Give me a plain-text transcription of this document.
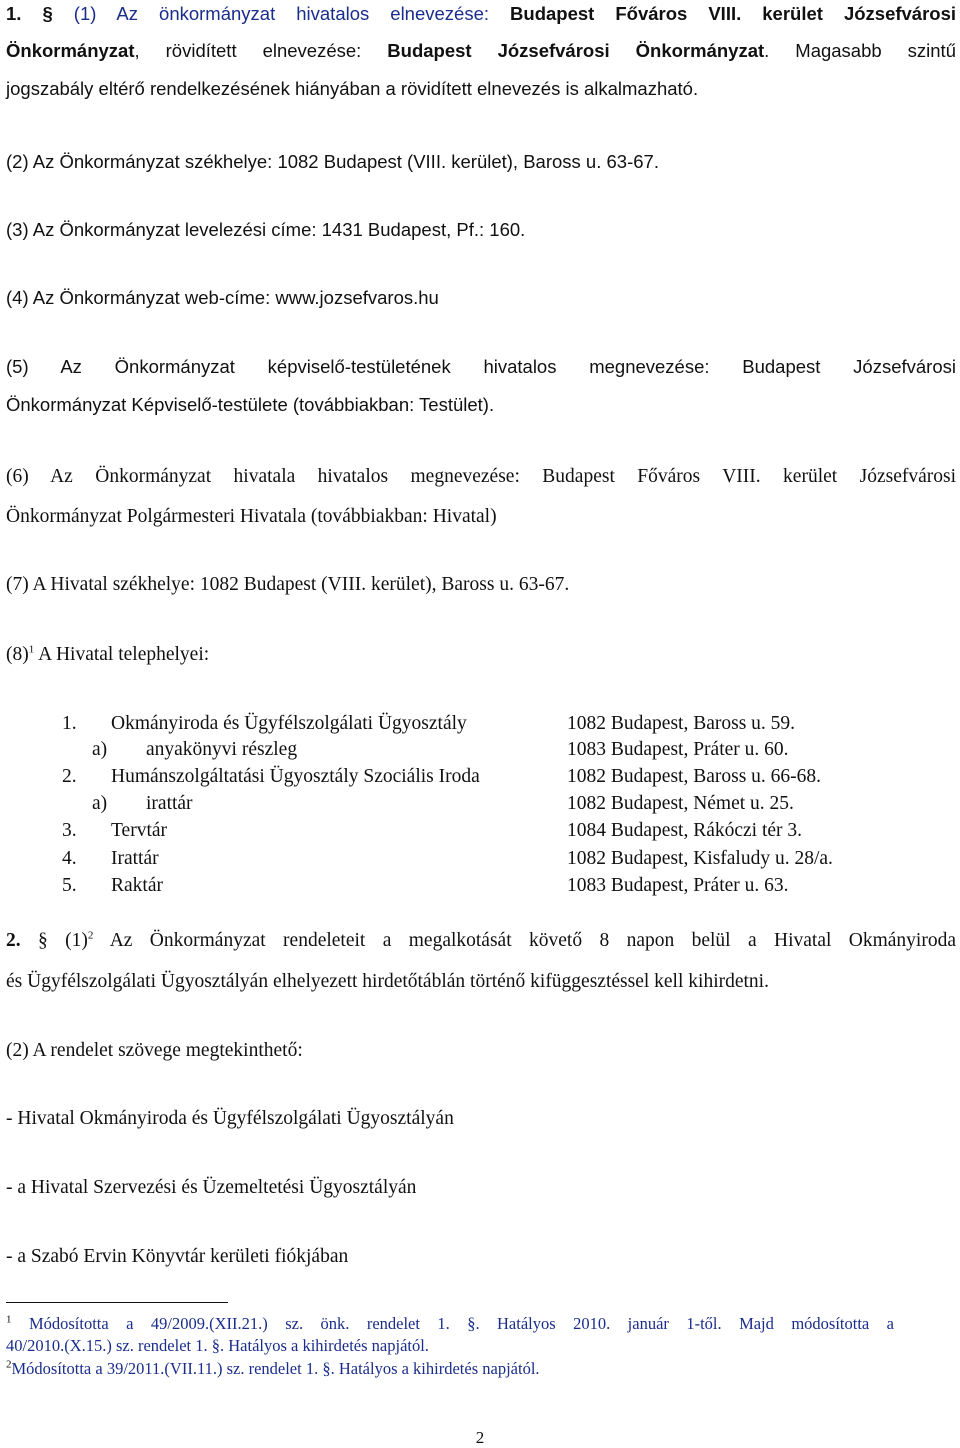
1. § (1) Az önkormányzat hivatalos elnevezése: Budapest Főváros VIII. kerület Józsefvárosi
Önkormányzat, rövidített elnevezése: Budapest Józsefvárosi Önkormányzat. Magasabb szintű
jogszabály eltérő rendelkezésének hiányában a rövidített elnevezés is alkalmazható.
(2) Az Önkormányzat székhelye: 1082 Budapest (VIII. kerület), Baross u. 63-67.
(3) Az Önkormányzat levelezési címe: 1431 Budapest, Pf.: 160.
(4) Az Önkormányzat web-címe: www.jozsefvaros.hu
(5) Az Önkormányzat képviselő-testületének hivatalos megnevezése: Budapest Józsefvárosi
Önkormányzat Képviselő-testülete (továbbiakban: Testület).
(6) Az Önkormányzat hivatala hivatalos megnevezése: Budapest Főváros VIII. kerület Józsefvárosi
Önkormányzat Polgármesteri Hivatala (továbbiakban: Hivatal)
(7) A Hivatal székhelye: 1082 Budapest (VIII. kerület), Baross u. 63-67.
$(8)^1$ A Hivatal telephelyei:
1. Okmányiroda és Ügyfélszolgálati Ügyosztály	1082 Budapest, Baross u. 59.
a) anyakönyvi részleg	1083 Budapest, Práter u. 60.
2. Humánszolgáltatási Ügyosztály Szociális Iroda	1082 Budapest, Baross u. 66-68.
a) irattár	1082 Budapest, Német u. 25.
3. Tervtár	1084 Budapest, Rákóczi tér 3.
4. Irattár	1082 Budapest, Kisfaludy u. 28/a.
5. Raktár	1083 Budapest, Práter u. 63.
2. § $(1)^2$ Az Önkormányzat rendeleteit a megalkotását követő 8 napon belül a Hivatal Okmányiroda
és Ügyfélszolgálati Ügyosztályán elhelyezett hirdetőtáblán történő kifüggesztéssel kell kihirdetni.
(2) A rendelet szövege megtekinthető:
- Hivatal Okmányiroda és Ügyfélszolgálati Ügyosztályán
- a Hivatal Szervezési és Üzemeltetési Ügyosztályán
- a Szabó Ervin Könyvtár kerületi fiókjában
$^1$ Módosította a 49/2009.(XII.21.) sz. önk. rendelet 1. §. Hatályos 2010. január 1-től. Majd módosította a
40/2010.(X.15.) sz. rendelet 1. §. Hatályos a kihirdetés napjától.
$^2$Módosította a 39/2011.(VII.11.) sz. rendelet 1. §. Hatályos a kihirdetés napjától.
2
